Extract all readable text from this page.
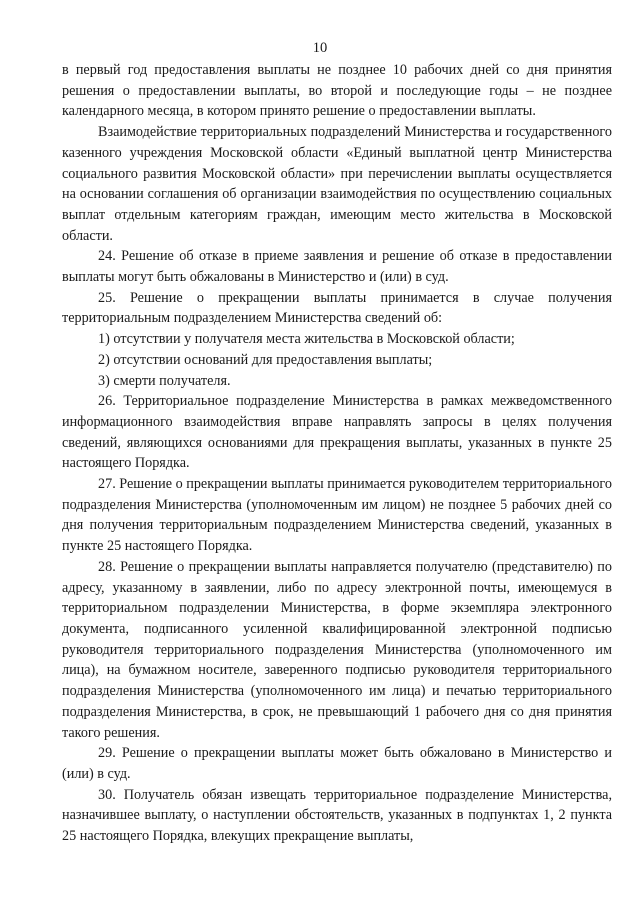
10

в первый год предоставления выплаты не позднее 10 рабочих дней со дня принятия решения о предоставлении выплаты, во второй и последующие годы – не позднее календарного месяца, в котором принято решение о предоставлении выплаты.

Взаимодействие территориальных подразделений Министерства и государственного казенного учреждения Московской области «Единый выплатной центр Министерства социального развития Московской области» при перечислении выплаты осуществляется на основании соглашения об организации взаимодействия по осуществлению социальных выплат отдельным категориям граждан, имеющим место жительства в Московской области.

24. Решение об отказе в приеме заявления и решение об отказе в предоставлении выплаты могут быть обжалованы в Министерство и (или) в суд.

25. Решение о прекращении выплаты принимается в случае получения территориальным подразделением Министерства сведений об:

1) отсутствии у получателя места жительства в Московской области;

2) отсутствии оснований для предоставления выплаты;

3) смерти получателя.

26. Территориальное подразделение Министерства в рамках межведомственного информационного взаимодействия вправе направлять запросы в целях получения сведений, являющихся основаниями для прекращения выплаты, указанных в пункте 25 настоящего Порядка.

27. Решение о прекращении выплаты принимается руководителем территориального подразделения Министерства (уполномоченным им лицом) не позднее 5 рабочих дней со дня получения территориальным подразделением Министерства сведений, указанных в пункте 25 настоящего Порядка.

28. Решение о прекращении выплаты направляется получателю (представителю) по адресу, указанному в заявлении, либо по адресу электронной почты, имеющемуся в территориальном подразделении Министерства, в форме экземпляра электронного документа, подписанного усиленной квалифицированной электронной подписью руководителя территориального подразделения Министерства (уполномоченного им лица), на бумажном носителе, заверенного подписью руководителя территориального подразделения Министерства (уполномоченного им лица) и печатью территориального подразделения Министерства, в срок, не превышающий 1 рабочего дня со дня принятия такого решения.

29. Решение о прекращении выплаты может быть обжаловано в Министерство и (или) в суд.

30. Получатель обязан извещать территориальное подразделение Министерства, назначившее выплату, о наступлении обстоятельств, указанных в подпунктах 1, 2 пункта 25 настоящего Порядка, влекущих прекращение выплаты,
